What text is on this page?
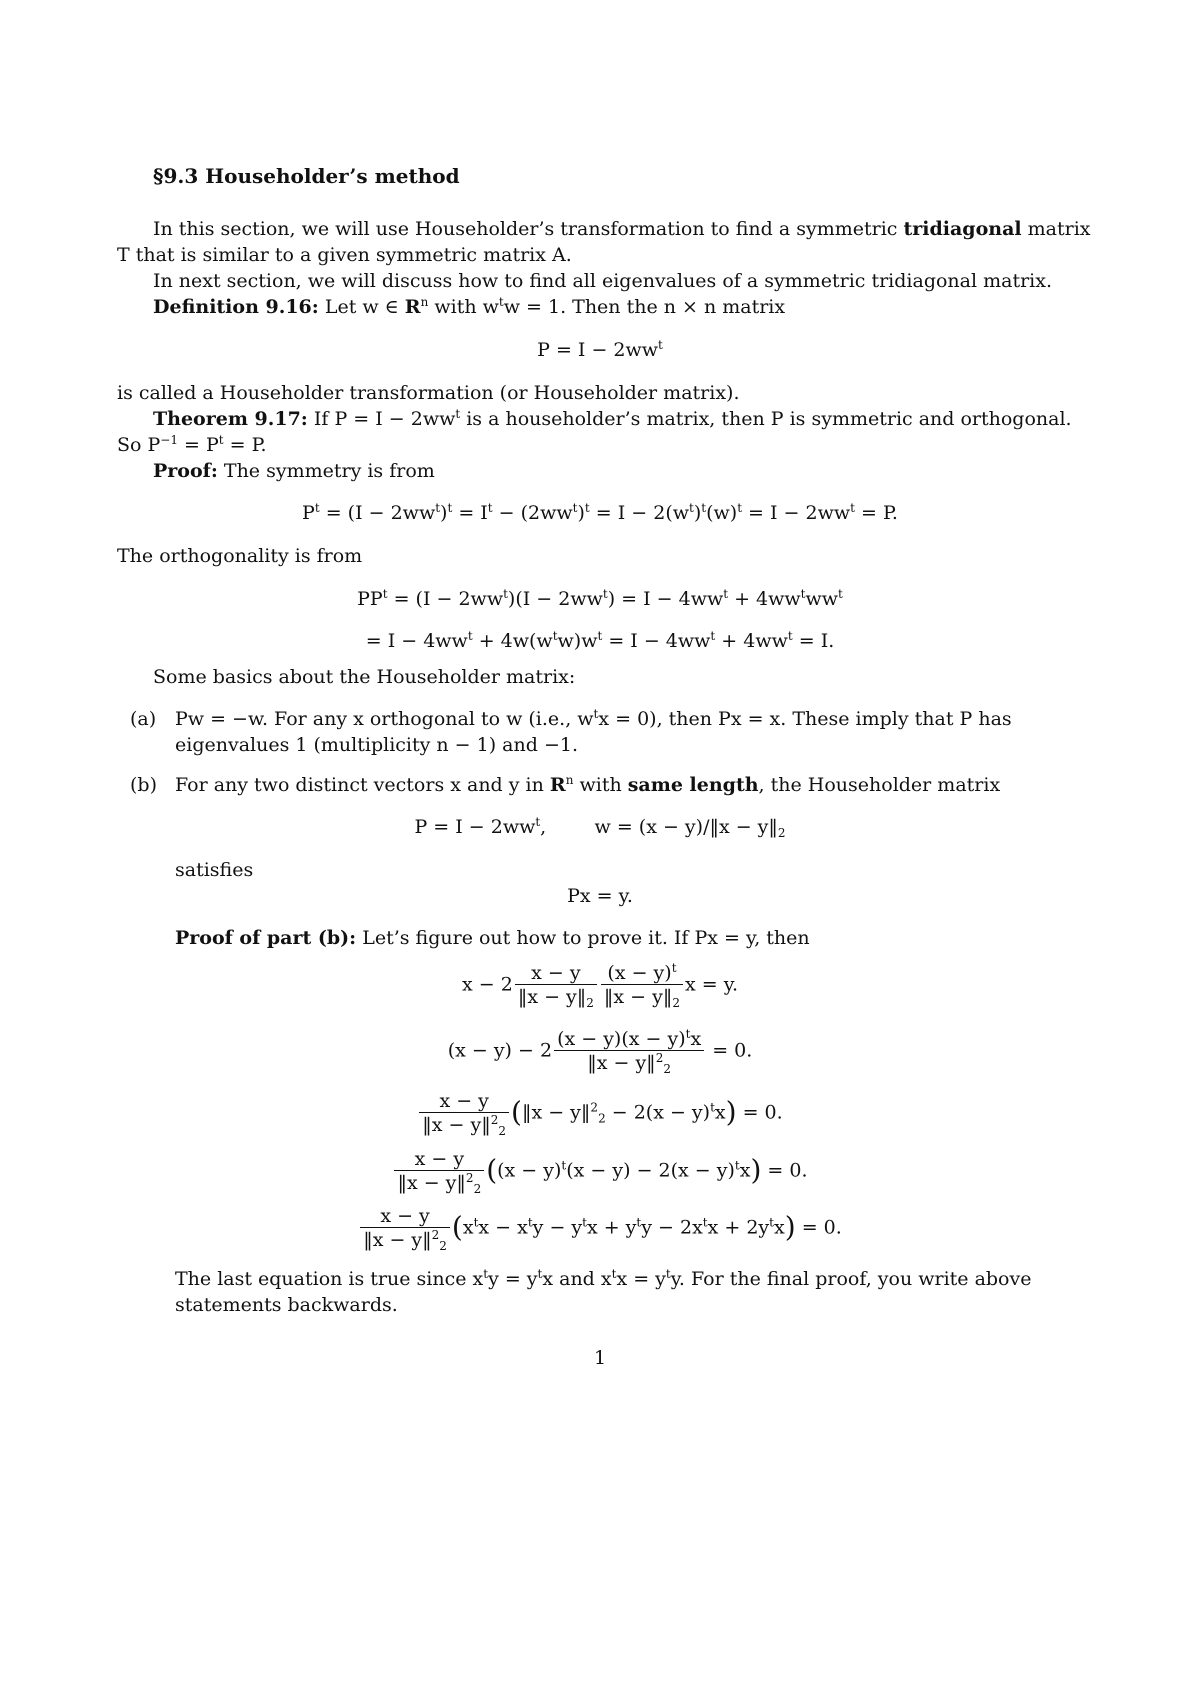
§9.3 Householder’s method
In this section, we will use Householder’s transformation to find a symmetric tridiagonal matrix
T that is similar to a given symmetric matrix A.
In next section, we will discuss how to find all eigenvalues of a symmetric tridiagonal matrix.
Definition 9.16: Let w ∈ $R^n$ with $w^tw = 1$. Then the n × n matrix
$P = I - 2ww^t$
is called a Householder transformation (or Householder matrix).
Theorem 9.17: If $P = I - 2ww^t$ is a householder’s matrix, then P is symmetric and orthogonal.
So $P^{-1} = P^t = P$.
Proof: The symmetry is from
$P^t = (I - 2ww^t)^t = I^t - (2ww^t)^t = I - 2(w^t)^t(w)^t = I - 2ww^t = P$.
The orthogonality is from
$PP^t = (I - 2ww^t)(I - 2ww^t) = I - 4ww^t + 4ww^tww^t$
= $I - 4ww^t + 4w(w^tw)w^t = I - 4ww^t + 4ww^t = I$.
Some basics about the Householder matrix:
(a) Pw = −w. For any x orthogonal to w (i.e., $w^tx = 0$), then Px = x. These imply that P has
eigenvalues 1 (multiplicity n − 1) and −1.
(b) For any two distinct vectors x and y in $R^n$ with same length, the Householder matrix
$P = I - 2ww^t$,        w = (x − y)/‖x − $y‖_2$
satisfies
Px = y.
Proof of part (b): Let’s figure out how to prove it. If Px = y, then
$x - 2 \frac{x - y}{‖x - y‖_2} \frac{(x - y)^t}{‖x - y‖_2}$ x = y.
$(x - y) - 2 \frac{(x - y)(x - y)^tx}{‖x - y‖^2_2} = 0$.
$\frac{x - y}{‖x - y‖^2_2}$ (‖x − y‖$^2_2$ − $2(x - y)^tx) = 0$.
$\frac{x - y}{‖x - y‖^2_2} ((x - y)^t(x - y) - 2(x - y)^tx) = 0$.
$\frac{x - y}{‖x - y‖^2_2} (x^tx - x^ty - y^tx + y^ty - 2x^tx + 2y^tx) = 0$.
The last equation is true since $x^ty = y^tx$ and $x^tx = y^ty$. For the final proof, you write above
statements backwards.
1
